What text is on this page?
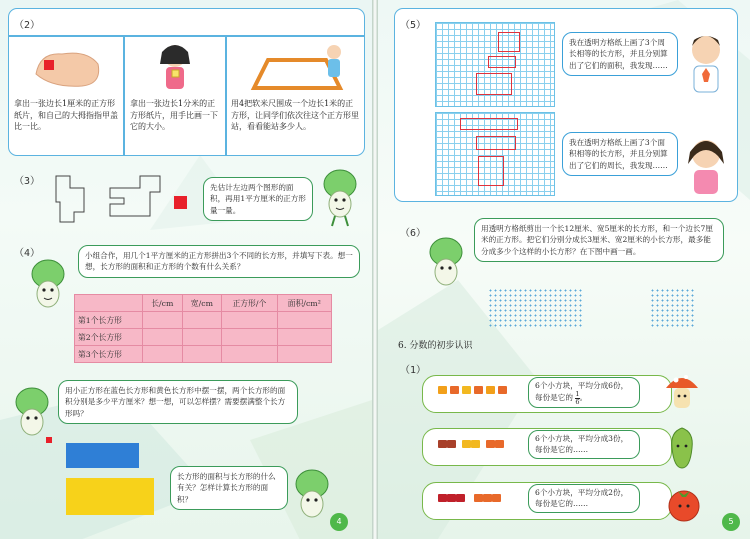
（2）
拿出一张边长1厘米的正方形纸片，和自己的大拇指指甲盖比一比。
拿出一张边长1分米的正方形纸片，用手比画一下它的大小。
用4把软米尺围成一个边长1米的正方形，让同学们依次往这个正方形里站，看看能站多少人。
（3）
先估计左边两个图形的面积，再用1平方厘米的正方形量一量。
（4）	小组合作，用几个1平方厘米的正方形拼出3个不同的长方形，并填写下表。想一想，长方形的面积和正方形的个数有什么关系？
	长/cm	宽/cm	正方形/个	面积/cm²
第1个长方形				
第2个长方形				
第3个长方形				
用小正方形在蓝色长方形和黄色长方形中摆一摆，两个长方形的面积分别是多少平方厘米？想一想，可以怎样摆？需要摆满整个长方形吗？
长方形的面积与长方形的什么有关？怎样计算长方形的面积？
4
（5）
我在透明方格纸上画了3个周长相等的长方形，并且分别算出了它们的面积，我发现……
我在透明方格纸上画了3个面积相等的长方形，并且分别算出了它们的周长，我发现……
（6）	用透明方格纸剪出一个长12厘米、宽5厘米的长方形，和一个边长7厘米的正方形。把它们分别分成长3厘米、宽2厘米的小长方形，最多能分成多少个这样的小长方形？在下图中画一画。
6. 分数的初步认识
（1）
6个小方块，平均分成6份，
每份是它的 $\frac{1}{6}$ 。
6个小方块，平均分成3份，
每份是它的……
6个小方块，平均分成2份，
每份是它的……
5
